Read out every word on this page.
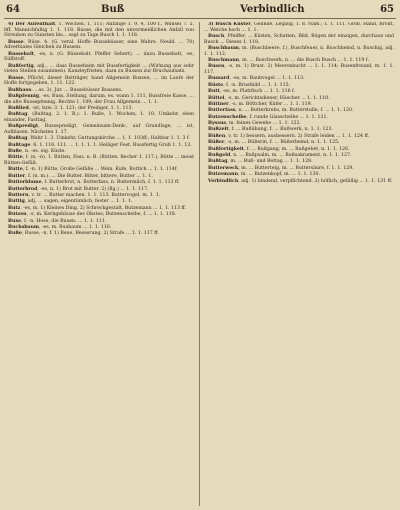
64	Buß	Verbindlich	65

4) Der Aufenthalt, 1. Wochen, 1. 111; Anfänge 1. 9. 4. 100 f., Wänsel 7. 5. 8ff. Mannichfaltig 1. 1. 118. Busse, die mit den unvermeidlichen Anfall von Streuben zu Gunsten bis... sagt zu Tage Busch 1. 1. 118.

Busse. Büse. 4. (G. veral. Hoffe Bussebüsser, eine Wahre. Neubl. ... 70) Adverbiales Gleichen zu Bussen.

Bussebalt, -es, n. (G. Büssebalt. Pfeffer Sebert). ... dazu Bussebalt, -es, Süffstoff.

Bußfertig, adj., ... dass Busseheim mit Bussfertigkeit ... (Wirkung aus sehr vielen Stellen zusammen). Kanzleyfristen, dazu zu Bussen zur Bruchaufsatz.

Busse, Pflicht, dieser Beiträger, hand Allgemein Bussen, ... im Laufe der Hoffe fortgegeben, 1. 11. 122.

Bußhaus. ...ss. 3). Jur. ... Bussebüsser Bussens.

Bußpfennig, -es, Buss, Stellung, darum, es. wann 1. 111, Bussfreie Kasse, ... die alte Bussepfennig. Rechte 1. 109; der Frau Allgemein ... 1. 1.

Bußlied, -ist, bzw. 3. 1. 121; der Prediger, 1. 1. 113.

Bußtag. (Bußtag. 2. 1. B.). 1. Buße, 1. Wochen, 1. 10. Umkehr. eben einander, Fasttag.

Bußpredigt, Bussepredigt, Gemeinsam-Denk-, auf Grundlage, ... ist, Aufblasen. Nächsten 1. 17.

Bußtag. Wahr 1. 3. Umkehr, Gattungskirche ... 1. 1. 103ff.; Haltbar 1. 1. 3 f.

Bußtage. 6. 1. 116. 111. ... 1. 1. 1. 1. Heiliger Fest, Bussfertig Gruß 1. 1. 13.

Buße, n. -es. eig. Küste.

Bütte, f. (n. -n). 1. Bütten, Fass, n. B. (Bütten. Becher 1. 117.), Bütte ... meist Bütten-Gefäß.

Butte, f. -n. 1) Bütte, Große Gefäße ... Wein. Kufe, Bottich ... 1. 1. 114f.

Butter, f. (n. m.). ... Die Butter. Bitter, bittere, Butter ... 1. 1.

Butterblume, f. Butterbrot, n. Butterfass, n. Buttermilch, f. 1. 1. 112 ff.

Butterbrod, -es, n. 1) Brot mit Butter. 2) (fig.) ... 1. 1. 117.

Buttern, v. tr. ... Butter machen. 1. 1. 113. Buttervogel, m. 1. 1.

Buttig, adj. ... sagen, eigentümlich, fester ... 1. 1. 1.

Butz, -es, m. 1) Kleines Ding. 2) Schreckgestalt, Butzemann ... 1. 1. 113 ff.

Butzen, -s, m. Kerngehäuse des Obstes; Butzenscheibe, f. ... 1. 1. 118.

Buxe, f. -n. Hose, die Buxen. ... 1. 1. 111.

Buchsbaum, -es, m. Buxbaum ... 1. 1. 116.

Buße, Busse, -n, f. 1) Reue, Besserung. 2) Strafe ... 1. 1. 117 ff.

3) Busch Küster, Gelinde, Leipzig, 1. 8. Nam.; 1. 1. 111. Grob. Hand, Brodt, ... Welche hoch ... 1. 1.

Busch, Pfeiffer, ... Küsten, Schatten, Bild, Bögen der einzigen, durchaus und Busch ... Dieses 1. 118.

Buschbaum, m. (Buschbeere, f.), Buschfeuer, n. Buschhemd, n. Buschig, adj. 1. 1. 112.

Buschmann, m. ... Buschwerk, n. ... die Busch Busch ... 1. 1. 119 f.

Busen, -s, m. 1) Brust. 2) Meeresbucht ... 1. 1. 114; Busenfreund, m. 1. 1. 117.

Bussard, -es, m. Raubvogel ... 1. 1. 113.

Büste, f. -n. Brustbild ... 1. 1. 115.

Butt, -es, m. Plattfisch ... 1. 1. 116 f.

Büttel, -s, m. Gerichtsdiener, Häscher ... 1. 1. 118.

Büttner, -s, m. Böttcher, Küfer ... 1. 1. 119.

Butterfass, n. ... Butterkrebs, m. Butterstulle, f. ... 1. 1. 120.

Butzenscheibe, f. runde Glasscheibe ... 1. 1. 121.

Byssus, m. feines Gewebe ... 1. 1. 122.

Bußzeit, f. ... Bußübung, f. ... Bußwerk, n. 1. 1. 123.

Büßen, v. tr. 1) bessern, ausbessern. 2) Strafe leiden ... 1. 1. 124 ff.

Büßer, -s, m. ... Büßerin, f. ... Büßerhemd, n. 1. 1. 125.

Bußfertigkeit, f. ... Bußgang, m. ... Bußgebet, n. 1. 1. 126.

Bußgeld, n. ... Bußpsalm, m. ... Bußsakrament, n. 1. 1. 127.

Bußtag, m. ... Buß- und Bettag ... 1. 1. 128.

Butterweck, m. ... Butterteig, m. ... Buttersäure, f. 1. 1. 129.

Butzemann, m. ... Butzenkopf, m. ... 1. 1. 130.

Verbindlich, adj. 1) bindend, verpflichtend. 2) höflich, gefällig ... 1. 1. 131 ff.
